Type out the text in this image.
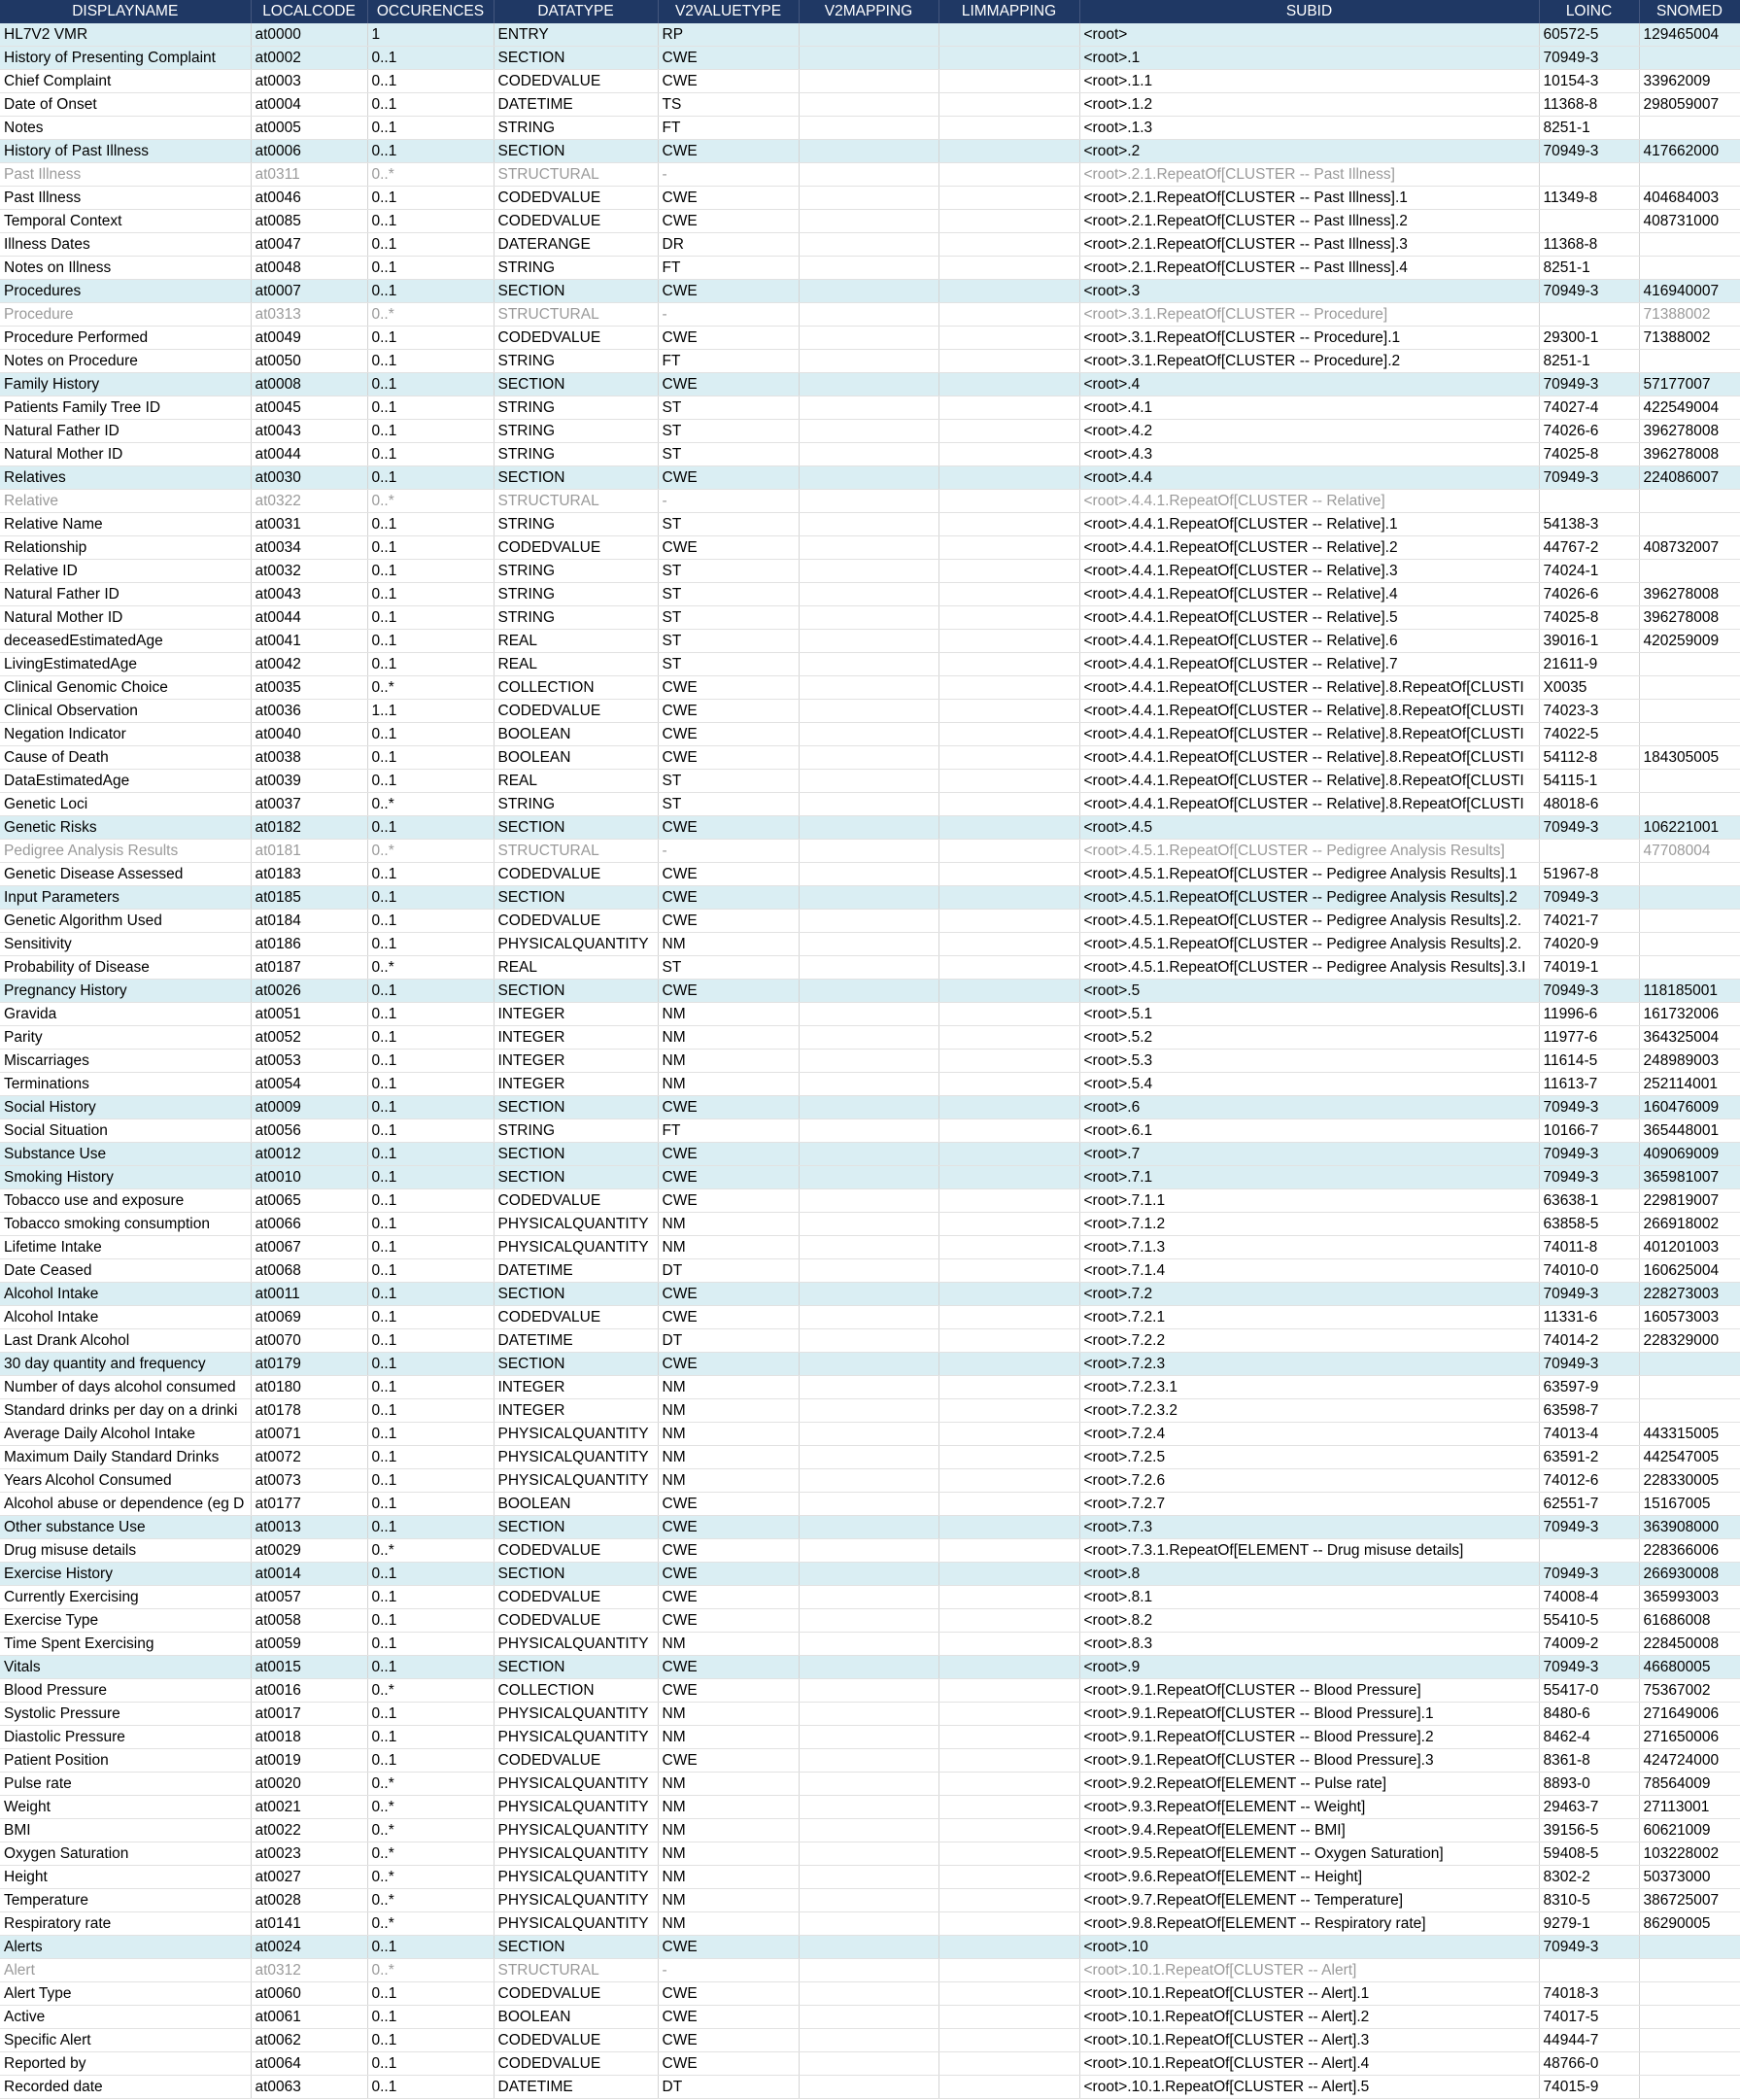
DISPLAYNAME	LOCALCODE	OCCURENCES	DATATYPE	V2VALUETYPE	V2MAPPING	LIMMAPPING	SUBID	LOINC	SNOMED
HL7V2 VMR	at0000	1	ENTRY	RP			<root>	60572-5	129465004
History of Presenting Complaint	at0002	0..1	SECTION	CWE			<root>.1	70949-3	
Chief Complaint	at0003	0..1	CODEDVALUE	CWE			<root>.1.1	10154-3	33962009
Date of Onset	at0004	0..1	DATETIME	TS			<root>.1.2	11368-8	298059007
Notes	at0005	0..1	STRING	FT			<root>.1.3	8251-1	
History of Past Illness	at0006	0..1	SECTION	CWE			<root>.2	70949-3	417662000
Past Illness	at0311	0..*	STRUCTURAL	-			<root>.2.1.RepeatOf[CLUSTER -- Past Illness]		
Past Illness	at0046	0..1	CODEDVALUE	CWE			<root>.2.1.RepeatOf[CLUSTER -- Past Illness].1	11349-8	404684003
Temporal Context	at0085	0..1	CODEDVALUE	CWE			<root>.2.1.RepeatOf[CLUSTER -- Past Illness].2		408731000
Illness Dates	at0047	0..1	DATERANGE	DR			<root>.2.1.RepeatOf[CLUSTER -- Past Illness].3	11368-8	
Notes on Illness	at0048	0..1	STRING	FT			<root>.2.1.RepeatOf[CLUSTER -- Past Illness].4	8251-1	
Procedures	at0007	0..1	SECTION	CWE			<root>.3	70949-3	416940007
Procedure	at0313	0..*	STRUCTURAL	-			<root>.3.1.RepeatOf[CLUSTER -- Procedure]		71388002
Procedure Performed	at0049	0..1	CODEDVALUE	CWE			<root>.3.1.RepeatOf[CLUSTER -- Procedure].1	29300-1	71388002
Notes on Procedure	at0050	0..1	STRING	FT			<root>.3.1.RepeatOf[CLUSTER -- Procedure].2	8251-1	
Family History	at0008	0..1	SECTION	CWE			<root>.4	70949-3	57177007
Patients Family Tree ID	at0045	0..1	STRING	ST			<root>.4.1	74027-4	422549004
Natural Father ID	at0043	0..1	STRING	ST			<root>.4.2	74026-6	396278008
Natural Mother ID	at0044	0..1	STRING	ST			<root>.4.3	74025-8	396278008
Relatives	at0030	0..1	SECTION	CWE			<root>.4.4	70949-3	224086007
Relative	at0322	0..*	STRUCTURAL	-			<root>.4.4.1.RepeatOf[CLUSTER -- Relative]		
Relative Name	at0031	0..1	STRING	ST			<root>.4.4.1.RepeatOf[CLUSTER -- Relative].1	54138-3	
Relationship	at0034	0..1	CODEDVALUE	CWE			<root>.4.4.1.RepeatOf[CLUSTER -- Relative].2	44767-2	408732007
Relative ID	at0032	0..1	STRING	ST			<root>.4.4.1.RepeatOf[CLUSTER -- Relative].3	74024-1	
Natural Father ID	at0043	0..1	STRING	ST			<root>.4.4.1.RepeatOf[CLUSTER -- Relative].4	74026-6	396278008
Natural Mother ID	at0044	0..1	STRING	ST			<root>.4.4.1.RepeatOf[CLUSTER -- Relative].5	74025-8	396278008
deceasedEstimatedAge	at0041	0..1	REAL	ST			<root>.4.4.1.RepeatOf[CLUSTER -- Relative].6	39016-1	420259009
LivingEstimatedAge	at0042	0..1	REAL	ST			<root>.4.4.1.RepeatOf[CLUSTER -- Relative].7	21611-9	
Clinical Genomic Choice	at0035	0..*	COLLECTION	CWE			<root>.4.4.1.RepeatOf[CLUSTER -- Relative].8.RepeatOf[CLUSTI	X0035	
Clinical Observation	at0036	1..1	CODEDVALUE	CWE			<root>.4.4.1.RepeatOf[CLUSTER -- Relative].8.RepeatOf[CLUSTI	74023-3	
Negation Indicator	at0040	0..1	BOOLEAN	CWE			<root>.4.4.1.RepeatOf[CLUSTER -- Relative].8.RepeatOf[CLUSTI	74022-5	
Cause of Death	at0038	0..1	BOOLEAN	CWE			<root>.4.4.1.RepeatOf[CLUSTER -- Relative].8.RepeatOf[CLUSTI	54112-8	184305005
DataEstimatedAge	at0039	0..1	REAL	ST			<root>.4.4.1.RepeatOf[CLUSTER -- Relative].8.RepeatOf[CLUSTI	54115-1	
Genetic Loci	at0037	0..*	STRING	ST			<root>.4.4.1.RepeatOf[CLUSTER -- Relative].8.RepeatOf[CLUSTI	48018-6	
Genetic Risks	at0182	0..1	SECTION	CWE			<root>.4.5	70949-3	106221001
Pedigree Analysis Results	at0181	0..*	STRUCTURAL	-			<root>.4.5.1.RepeatOf[CLUSTER -- Pedigree Analysis Results]		47708004
Genetic Disease Assessed	at0183	0..1	CODEDVALUE	CWE			<root>.4.5.1.RepeatOf[CLUSTER -- Pedigree Analysis Results].1	51967-8	
Input Parameters	at0185	0..1	SECTION	CWE			<root>.4.5.1.RepeatOf[CLUSTER -- Pedigree Analysis Results].2	70949-3	
Genetic Algorithm Used	at0184	0..1	CODEDVALUE	CWE			<root>.4.5.1.RepeatOf[CLUSTER -- Pedigree Analysis Results].2.	74021-7	
Sensitivity	at0186	0..1	PHYSICALQUANTITY	NM			<root>.4.5.1.RepeatOf[CLUSTER -- Pedigree Analysis Results].2.	74020-9	
Probability of Disease	at0187	0..*	REAL	ST			<root>.4.5.1.RepeatOf[CLUSTER -- Pedigree Analysis Results].3.I	74019-1	
Pregnancy History	at0026	0..1	SECTION	CWE			<root>.5	70949-3	118185001
Gravida	at0051	0..1	INTEGER	NM			<root>.5.1	11996-6	161732006
Parity	at0052	0..1	INTEGER	NM			<root>.5.2	11977-6	364325004
Miscarriages	at0053	0..1	INTEGER	NM			<root>.5.3	11614-5	248989003
Terminations	at0054	0..1	INTEGER	NM			<root>.5.4	11613-7	252114001
Social History	at0009	0..1	SECTION	CWE			<root>.6	70949-3	160476009
Social Situation	at0056	0..1	STRING	FT			<root>.6.1	10166-7	365448001
Substance Use	at0012	0..1	SECTION	CWE			<root>.7	70949-3	409069009
Smoking History	at0010	0..1	SECTION	CWE			<root>.7.1	70949-3	365981007
Tobacco use and exposure	at0065	0..1	CODEDVALUE	CWE			<root>.7.1.1	63638-1	229819007
Tobacco smoking consumption	at0066	0..1	PHYSICALQUANTITY	NM			<root>.7.1.2	63858-5	266918002
Lifetime Intake	at0067	0..1	PHYSICALQUANTITY	NM			<root>.7.1.3	74011-8	401201003
Date Ceased	at0068	0..1	DATETIME	DT			<root>.7.1.4	74010-0	160625004
Alcohol Intake	at0011	0..1	SECTION	CWE			<root>.7.2	70949-3	228273003
Alcohol Intake	at0069	0..1	CODEDVALUE	CWE			<root>.7.2.1	11331-6	160573003
Last Drank Alcohol	at0070	0..1	DATETIME	DT			<root>.7.2.2	74014-2	228329000
30 day quantity and frequency	at0179	0..1	SECTION	CWE			<root>.7.2.3	70949-3	
Number of days alcohol consumed	at0180	0..1	INTEGER	NM			<root>.7.2.3.1	63597-9	
Standard drinks per day on a drinki	at0178	0..1	INTEGER	NM			<root>.7.2.3.2	63598-7	
Average Daily Alcohol Intake	at0071	0..1	PHYSICALQUANTITY	NM			<root>.7.2.4	74013-4	443315005
Maximum Daily Standard Drinks	at0072	0..1	PHYSICALQUANTITY	NM			<root>.7.2.5	63591-2	442547005
Years Alcohol Consumed	at0073	0..1	PHYSICALQUANTITY	NM			<root>.7.2.6	74012-6	228330005
Alcohol abuse or dependence (eg D	at0177	0..1	BOOLEAN	CWE			<root>.7.2.7	62551-7	15167005
Other substance Use	at0013	0..1	SECTION	CWE			<root>.7.3	70949-3	363908000
Drug misuse details	at0029	0..*	CODEDVALUE	CWE			<root>.7.3.1.RepeatOf[ELEMENT -- Drug misuse details]		228366006
Exercise History	at0014	0..1	SECTION	CWE			<root>.8	70949-3	266930008
Currently Exercising	at0057	0..1	CODEDVALUE	CWE			<root>.8.1	74008-4	365993003
Exercise Type	at0058	0..1	CODEDVALUE	CWE			<root>.8.2	55410-5	61686008
Time Spent Exercising	at0059	0..1	PHYSICALQUANTITY	NM			<root>.8.3	74009-2	228450008
Vitals	at0015	0..1	SECTION	CWE			<root>.9	70949-3	46680005
Blood Pressure	at0016	0..*	COLLECTION	CWE			<root>.9.1.RepeatOf[CLUSTER -- Blood Pressure]	55417-0	75367002
Systolic Pressure	at0017	0..1	PHYSICALQUANTITY	NM			<root>.9.1.RepeatOf[CLUSTER -- Blood Pressure].1	8480-6	271649006
Diastolic Pressure	at0018	0..1	PHYSICALQUANTITY	NM			<root>.9.1.RepeatOf[CLUSTER -- Blood Pressure].2	8462-4	271650006
Patient Position	at0019	0..1	CODEDVALUE	CWE			<root>.9.1.RepeatOf[CLUSTER -- Blood Pressure].3	8361-8	424724000
Pulse rate	at0020	0..*	PHYSICALQUANTITY	NM			<root>.9.2.RepeatOf[ELEMENT -- Pulse rate]	8893-0	78564009
Weight	at0021	0..*	PHYSICALQUANTITY	NM			<root>.9.3.RepeatOf[ELEMENT -- Weight]	29463-7	27113001
BMI	at0022	0..*	PHYSICALQUANTITY	NM			<root>.9.4.RepeatOf[ELEMENT -- BMI]	39156-5	60621009
Oxygen Saturation	at0023	0..*	PHYSICALQUANTITY	NM			<root>.9.5.RepeatOf[ELEMENT -- Oxygen Saturation]	59408-5	103228002
Height	at0027	0..*	PHYSICALQUANTITY	NM			<root>.9.6.RepeatOf[ELEMENT -- Height]	8302-2	50373000
Temperature	at0028	0..*	PHYSICALQUANTITY	NM			<root>.9.7.RepeatOf[ELEMENT -- Temperature]	8310-5	386725007
Respiratory rate	at0141	0..*	PHYSICALQUANTITY	NM			<root>.9.8.RepeatOf[ELEMENT -- Respiratory rate]	9279-1	86290005
Alerts	at0024	0..1	SECTION	CWE			<root>.10	70949-3	
Alert	at0312	0..*	STRUCTURAL	-			<root>.10.1.RepeatOf[CLUSTER -- Alert]		
Alert Type	at0060	0..1	CODEDVALUE	CWE			<root>.10.1.RepeatOf[CLUSTER -- Alert].1	74018-3	
Active	at0061	0..1	BOOLEAN	CWE			<root>.10.1.RepeatOf[CLUSTER -- Alert].2	74017-5	
Specific Alert	at0062	0..1	CODEDVALUE	CWE			<root>.10.1.RepeatOf[CLUSTER -- Alert].3	44944-7	
Reported by	at0064	0..1	CODEDVALUE	CWE			<root>.10.1.RepeatOf[CLUSTER -- Alert].4	48766-0	
Recorded date	at0063	0..1	DATETIME	DT			<root>.10.1.RepeatOf[CLUSTER -- Alert].5	74015-9	
